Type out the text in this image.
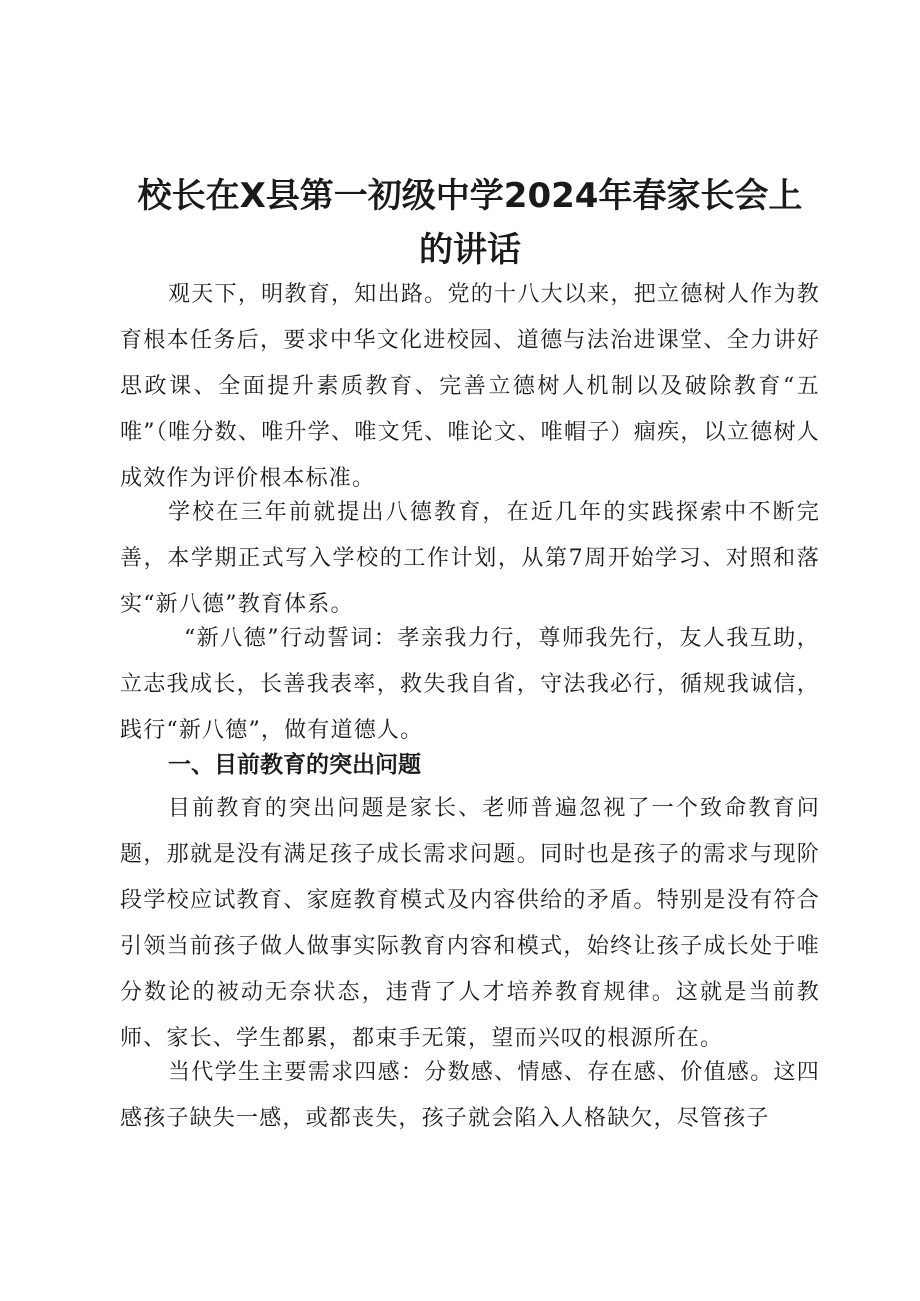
校长在X县第一初级中学2024年春家长会上
的讲话

观天下，明教育，知出路。党的十八大以来，把立德树人作为教育根本任务后，要求中华文化进校园、道德与法治进课堂、全力讲好思政课、全面提升素质教育、完善立德树人机制以及破除教育“五唯”（唯分数、唯升学、唯文凭、唯论文、唯帽子）痼疾，以立德树人成效作为评价根本标准。

学校在三年前就提出八德教育，在近几年的实践探索中不断完善，本学期正式写入学校的工作计划，从第7周开始学习、对照和落实“新八德”教育体系。

“新八德”行动誓词：孝亲我力行，尊师我先行，友人我互助，立志我成长，长善我表率，救失我自省，守法我必行，循规我诚信，践行“新八德”，做有道德人。

一、目前教育的突出问题

目前教育的突出问题是家长、老师普遍忽视了一个致命教育问题，那就是没有满足孩子成长需求问题。同时也是孩子的需求与现阶段学校应试教育、家庭教育模式及内容供给的矛盾。特别是没有符合引领当前孩子做人做事实际教育内容和模式，始终让孩子成长处于唯分数论的被动无奈状态，违背了人才培养教育规律。这就是当前教师、家长、学生都累，都束手无策，望而兴叹的根源所在。

当代学生主要需求四感：分数感、情感、存在感、价值感。这四感孩子缺失一感，或都丧失，孩子就会陷入人格缺欠，尽管孩子
